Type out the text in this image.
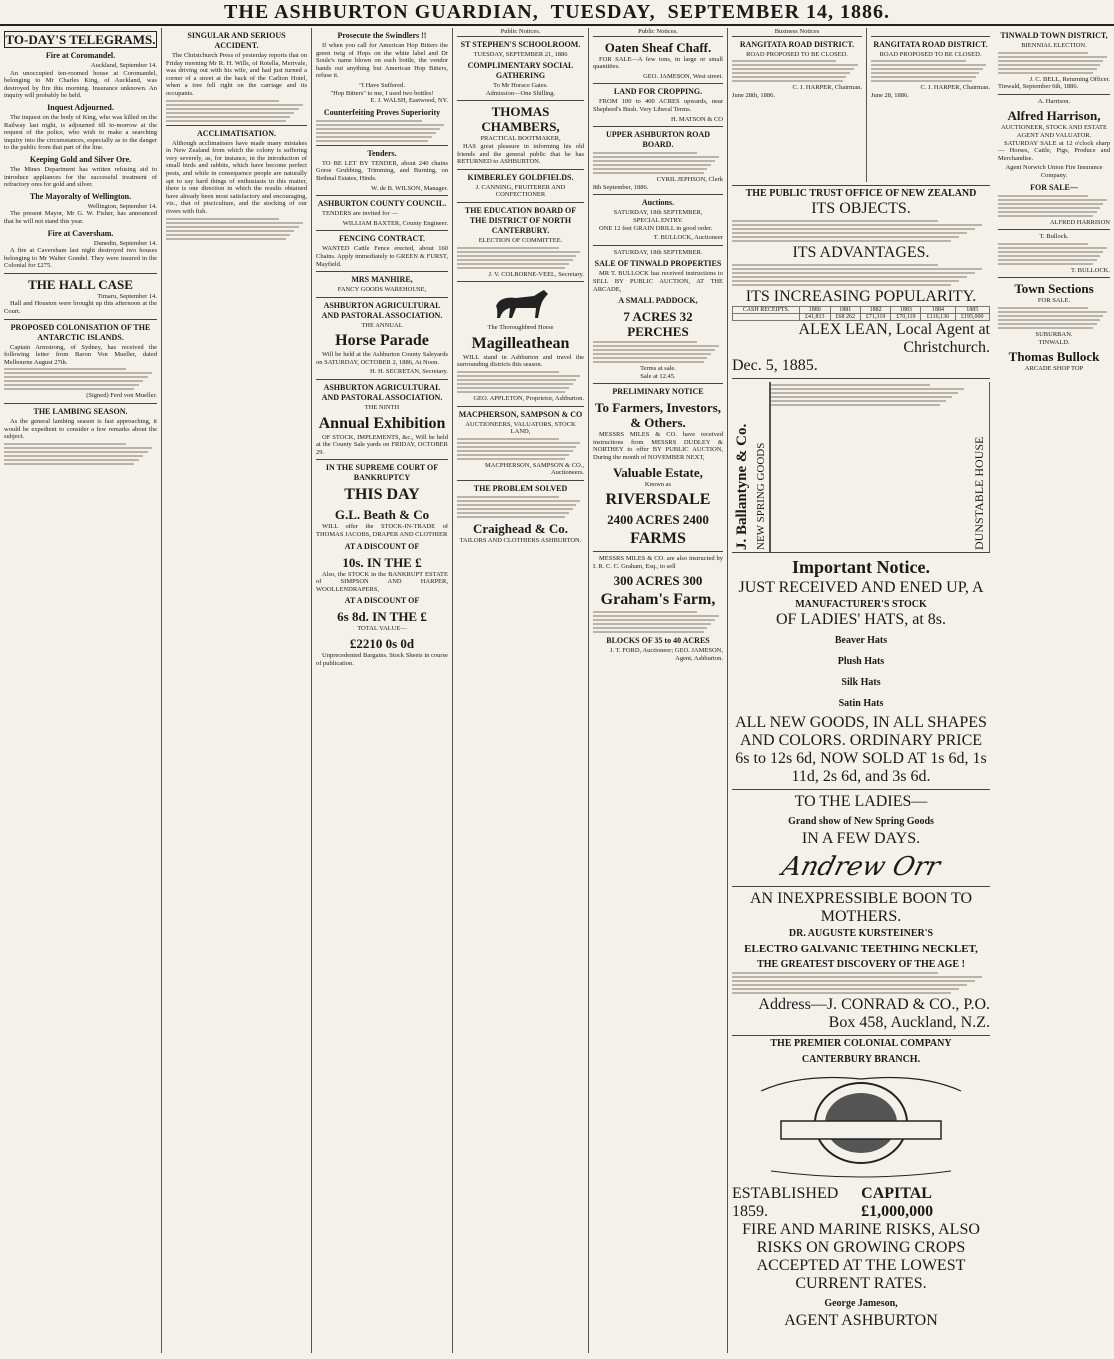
THE ASHBURTON GUARDIAN, TUESDAY, SEPTEMBER 14, 1886.
TO-DAY'S TELEGRAMS.
Fire at Coromandel.
Auckland, September 14.

An unoccupied ten-roomed house at Coromandel, belonging to Mr Charles King, of Auckland, was destroyed by fire this morning. Insurance unknown. An inquiry will probably be held.

Inquest Adjourned.

The inquest on the body of King, who was killed on the Railway last night, is adjourned till to-morrow at the request of the police, who wish to make a searching inquiry into the circumstances, especially as to the danger to the public from that part of the line.

Keeping Gold and Silver Ore.

The Mines Department has written refusing aid to introduce appliances for the successful treatment of refractory ores for gold and silver.

The Mayoralty of Wellington.
Wellington, September 14.

The present Mayor, Mr G. W. Fisher, has announced that he will not stand this year.

Fire at Caversham.
Dunedin, September 14.

A fire at Caversham last night destroyed two houses belonging to Mr Walter Gondel. They were insured in the Colonial for £275.

THE HALL CASE
Timaru, September 14.

Hall and Houston were brought up this afternoon at the Court.

PROPOSED COLONISATION OF THE ANTARCTIC ISLANDS.

Captain Armstrong, of Sydney, has received the following letter from Baron Von Mueller, dated Melbourne August 27th.

(Signed) Ferd von Mueller.
THE LAMBING SEASON.

As the general lambing season is fast approaching, it would be expedient to consider a few remarks about the subject.

SINGULAR AND SERIOUS ACCIDENT.

The Christchurch Press of yesterday reports that on Friday morning Mr R. H. Wills, of Rotella, Merivale, was driving out with his wife, and had just turned a corner of a street at the back of the Carlton Hotel, when a tree fell right on the carriage and its occupants.

ACCLIMATISATION.

Although acclimatisers have made many mistakes in New Zealand from which the colony is suffering very severely, as, for instance, in the introduction of small birds and rabbits, which have become perfect pests, and while in consequence people are naturally apt to say hard things of enthusiasts in this matter, there is one direction in which the results obtained have already been most satisfactory and encouraging, viz., that of pisciculture, and the stocking of our rivers with fish.

Prosecute the Swindlers !!

If when you call for American Hop Bitters the green twig of Hops on the white label and Dr Soule's name blown on each bottle, the vendor hands out anything but American Hop Bitters, refuse it.

"I Have Suffered.
"Hop Bitters" to me, I used two bottles!
E. J. WALSH, Eastwood, NY.
Counterfeiting Proves Superiority
Tenders.

TO BE LET BY TENDER, about 240 chains Gorse Grubbing, Trimming, and Burning, on Bethnal Estates, Hinds.

W. de B. WILSON, Manager.
ASHBURTON COUNTY COUNCIL.

TENDERS are invited for —

WILLIAM BAXTER, County Engineer.
FENCING CONTRACT.

WANTED Cattle Fence erected, about 160 Chains. Apply immediately to GREEN & FURST, Mayfield.

MRS MANHIRE,
FANCY GOODS WAREHOUSE,
ASHBURTON AGRICULTURAL AND PASTORAL ASSOCIATION.
THE ANNUAL
Horse Parade

Will be held at the Ashburton County Saleyards on SATURDAY, OCTOBER 2, 1886, At Noon.

H. H. SECRETAN, Secretary.
ASHBURTON AGRICULTURAL AND PASTORAL ASSOCIATION.
THE NINTH
Annual Exhibition

OF STOCK, IMPLEMENTS, &c., Will be held at the County Sale yards on FRIDAY, OCTOBER 29.

IN THE SUPREME COURT OF BANKRUPTCY
THIS DAY
G.L. Beath & Co

WILL offer the STOCK-IN-TRADE of THOMAS JACOBS, DRAPER AND CLOTHIER

AT A DISCOUNT OF
10s. IN THE £

Also, the STOCK in the BANKRUPT ESTATE of SIMPSON AND HARPER, WOOLLENDRAPERS,

AT A DISCOUNT OF
6s 8d. IN THE £
TOTAL VALUE—
£2210 0s 0d

Unprecedented Bargains. Stock Sheets in course of publication.

Public Notices.
ST STEPHEN'S SCHOOLROOM.
TUESDAY, SEPTEMBER 21, 1886
COMPLIMENTARY SOCIAL GATHERING
To Mr Horace Gates.
Admission—One Shilling.
THOMAS CHAMBERS,
PRACTICAL BOOTMAKER,

HAS great pleasure in informing his old friends and the general public that he has RETURNED to ASHBURTON.

KIMBERLEY GOLDFIELDS.
J. CANNING, FRUITERER AND CONFECTIONER
THE EDUCATION BOARD OF THE DISTRICT OF NORTH CANTERBURY.
ELECTION OF COMMITTEE.
J. V. COLBORNE-VEEL, Secretary.
The Thoroughbred Horse
Magilleathean

WILL stand in Ashburton and travel the surrounding districts this season.

GEO. APPLETON, Proprietor, Ashburton.
MACPHERSON, SAMPSON & CO
AUCTIONEERS, VALUATORS, STOCK LAND,
MACPHERSON, SAMPSON & CO., Auctioneers.
THE PROBLEM SOLVED
Craighead & Co.
TAILORS AND CLOTHIERS ASHBURTON.
Public Notices.
Oaten Sheaf Chaff.

FOR SALE—A few tons, in large or small quantities.

GEO. JAMESON, West street.
LAND FOR CROPPING.

FROM 100 to 400 ACRES upwards, near Shepherd's Bush. Very Liberal Terms.

H. MATSON & CO
UPPER ASHBURTON ROAD BOARD.
CYRIL JEPHSON, Clerk
8th September, 1886.
Auctions.
SATURDAY, 18th SEPTEMBER,
SPECIAL ENTRY.

ONE 12 feet GRAIN DRILL in good order.

T. BULLOCK, Auctioneer
SATURDAY, 18th SEPTEMBER.
SALE OF TINWALD PROPERTIES

MR T. BULLOCK has received instructions to SELL BY PUBLIC AUCTION, AT THE ARCADE,

A SMALL PADDOCK,
7 ACRES 32 PERCHES
Terms at sale.
Sale at 12.45.
PRELIMINARY NOTICE
To Farmers, Investors, & Others.

MESSRS MILES & CO. have received instructions from MESSRS DUDLEY & NORTHEY to offer BY PUBLIC AUCTION, During the month of NOVEMBER NEXT,

Valuable Estate,
Known as
RIVERSDALE
2400 ACRES 2400
FARMS

MESSRS MILES & CO. are also instructed by I. R. C. C. Graham, Esq., to sell

300 ACRES 300
Graham's Farm,
BLOCKS OF 35 to 40 ACRES
J. T. FORD, Auctioneer; GEO. JAMESON, Agent, Ashburton.
Business Notices
RANGITATA ROAD DISTRICT.
ROAD PROPOSED TO BE CLOSED.
C. J. HARPER, Chairman.
June 28th, 1886.

RANGITATA ROAD DISTRICT.
ROAD PROPOSED TO BE CLOSED.
C. J. HARPER, Chairman.
June 28, 1886.
THE PUBLIC TRUST OFFICE OF NEW ZEALAND
ITS OBJECTS.
ITS ADVANTAGES.
ITS INCREASING POPULARITY.
CASH RECEIPTS.	1880	1881	1882	1883	1884	1885
	£41,813	£68 262	£71,319	£70,119	£116,136	£195,000
ALEX LEAN, Local Agent at Christchurch.
Dec. 5, 1885.
J. Ballantyne & Co. NEW SPRING GOODS	DUNSTABLE HOUSE
Important Notice.
JUST RECEIVED AND ENED UP, A
MANUFACTURER'S STOCK
OF LADIES' HATS, at 8s.
Beaver Hats
Plush Hats
Silk Hats
Satin Hats
ALL NEW GOODS, IN ALL SHAPES AND COLORS. ORDINARY PRICE 6s to 12s 6d, NOW SOLD AT 1s 6d, 1s 11d, 2s 6d, and 3s 6d.
TO THE LADIES—
Grand show of New Spring Goods
IN A FEW DAYS.
Andrew Orr
AN INEXPRESSIBLE BOON TO MOTHERS.
DR. AUGUSTE KURSTEINER'S
ELECTRO GALVANIC TEETHING NECKLET,
THE GREATEST DISCOVERY OF THE AGE !
Address—J. CONRAD & CO., P.O. Box 458, Auckland, N.Z.
THE PREMIER COLONIAL COMPANY
CANTERBURY BRANCH.
ESTABLISHED 1859.
CAPITAL £1,000,000
FIRE AND MARINE RISKS, ALSO RISKS ON GROWING CROPS ACCEPTED AT THE LOWEST CURRENT RATES.
George Jameson,
AGENT ASHBURTON
TINWALD TOWN DISTRICT,
BIENNIAL ELECTION.
J. C. BELL, Returning Officer.
Tinwald, September 6th, 1886.
A. Harrison.
Alfred Harrison,
AUCTIONEER, STOCK AND ESTATE AGENT AND VALUATOR.

SATURDAY SALE at 12 o'clock sharp — Horses, Cattle, Pigs, Produce and Merchandise.

Agent Norwich Union Fire Insurance Company.
FOR SALE—
ALFRED HARRISON
T. Bullock.
T. BULLOCK.
Town Sections
FOR SALE.
SUBURBAN.
TINWALD.
Thomas Bullock
ARCADE SHOP TOP
